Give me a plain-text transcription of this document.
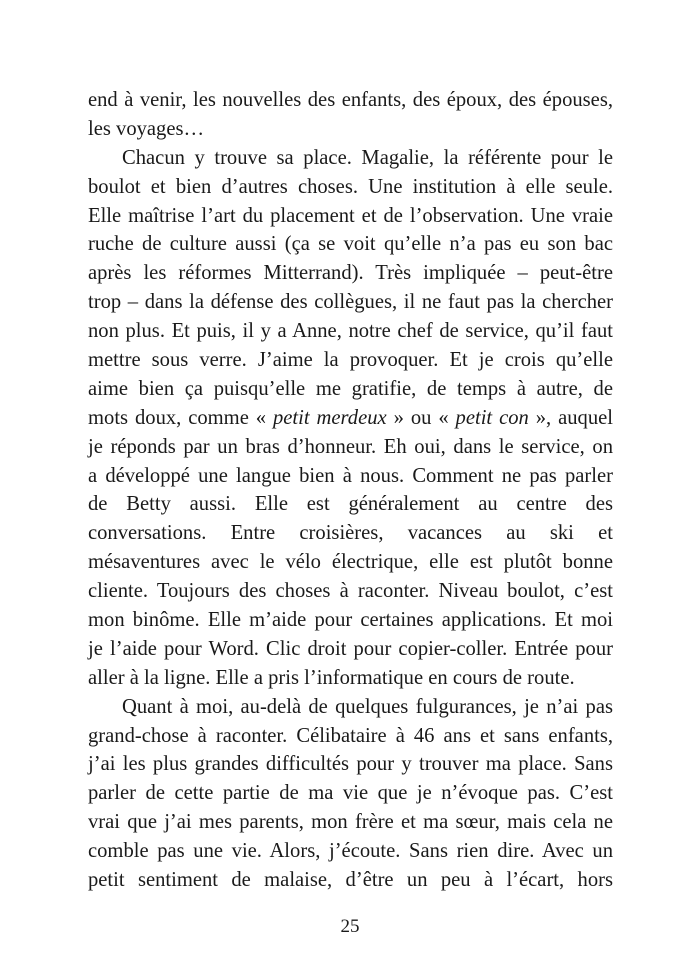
end à venir, les nouvelles des enfants, des époux, des épouses,
les voyages…
Chacun y trouve sa place. Magalie, la référente pour le
boulot et bien d’autres choses. Une institution à elle seule.
Elle maîtrise l’art du placement et de l’observation. Une vraie
ruche de culture aussi (ça se voit qu’elle n’a pas eu son bac
après les réformes Mitterrand). Très impliquée – peut-être
trop – dans la défense des collègues, il ne faut pas la chercher
non plus. Et puis, il y a Anne, notre chef de service, qu’il faut
mettre sous verre. J’aime la provoquer. Et je crois qu’elle
aime bien ça puisqu’elle me gratifie, de temps à autre, de
mots doux, comme « petit merdeux » ou « petit con », auquel
je réponds par un bras d’honneur. Eh oui, dans le service, on
a développé une langue bien à nous. Comment ne pas parler
de Betty aussi. Elle est généralement au centre des
conversations. Entre croisières, vacances au ski et
mésaventures avec le vélo électrique, elle est plutôt bonne
cliente. Toujours des choses à raconter. Niveau boulot, c’est
mon binôme. Elle m’aide pour certaines applications. Et moi
je l’aide pour Word. Clic droit pour copier-coller. Entrée pour
aller à la ligne. Elle a pris l’informatique en cours de route.
Quant à moi, au-delà de quelques fulgurances, je n’ai pas
grand-chose à raconter. Célibataire à 46 ans et sans enfants,
j’ai les plus grandes difficultés pour y trouver ma place. Sans
parler de cette partie de ma vie que je n’évoque pas. C’est
vrai que j’ai mes parents, mon frère et ma sœur, mais cela ne
comble pas une vie. Alors, j’écoute. Sans rien dire. Avec un
petit sentiment de malaise, d’être un peu à l’écart, hors
25
